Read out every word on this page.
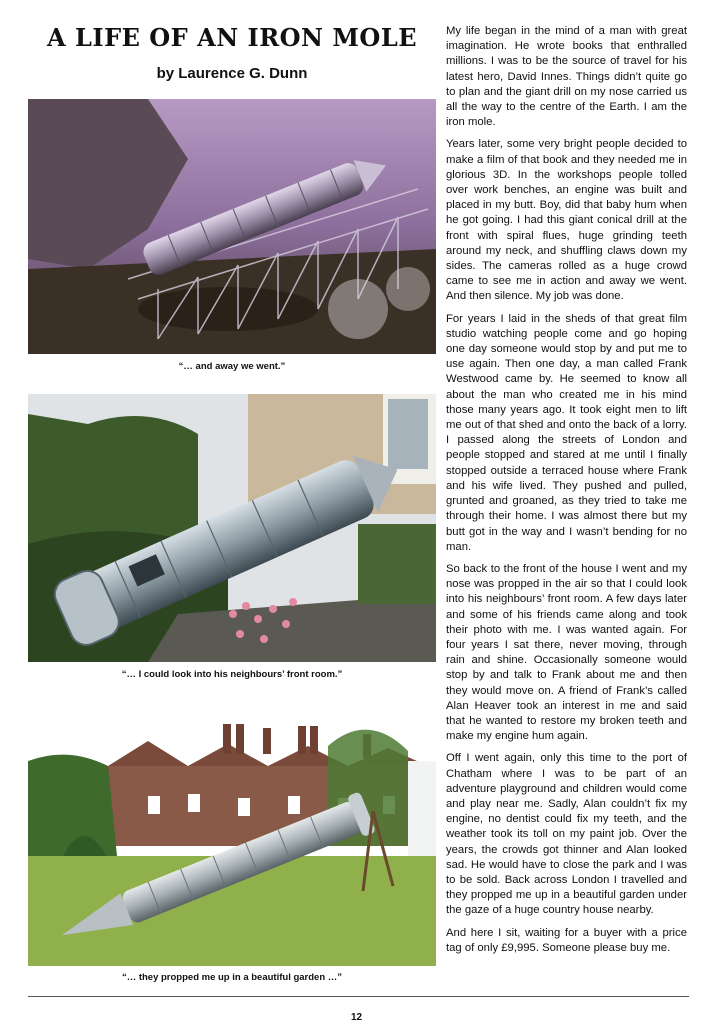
A LIFE OF AN IRON MOLE
by Laurence G. Dunn
“… and away we went.”
“… I could look into his neighbours’ front room.”
“… they propped me up in a beautiful garden …”

My life began in the mind of a man with great imagination. He wrote books that enthralled millions. I was to be the source of travel for his latest hero, David Innes. Things didn’t quite go to plan and the giant drill on my nose carried us all the way to the centre of the Earth. I am the iron mole.

Years later, some very bright people decided to make a film of that book and they needed me in glorious 3D. In the workshops people tolled over work benches, an engine was built and placed in my butt. Boy, did that baby hum when he got going. I had this giant conical drill at the front with spiral flues, huge grinding teeth around my neck, and shuffling claws down my sides. The cameras rolled as a huge crowd came to see me in action and away we went. And then silence. My job was done.

For years I laid in the sheds of that great film studio watching people come and go hoping one day someone would stop by and put me to use again. Then one day, a man called Frank Westwood came by. He seemed to know all about the man who created me in his mind those many years ago. It took eight men to lift me out of that shed and onto the back of a lorry. I passed along the streets of London and people stopped and stared at me until I finally stopped outside a terraced house where Frank and his wife lived. They pushed and pulled, grunted and groaned, as they tried to take me through their home. I was almost there but my butt got in the way and I wasn’t bending for no man.

So back to the front of the house I went and my nose was propped in the air so that I could look into his neighbours’ front room. A few days later and some of his friends came along and took their photo with me. I was wanted again. For four years I sat there, never moving, through rain and shine. Occasionally someone would stop by and talk to Frank about me and then they would move on. A friend of Frank’s called Alan Heaver took an interest in me and said that he wanted to restore my broken teeth and make my engine hum again.

Off I went again, only this time to the port of Chatham where I was to be part of an adventure playground and children would come and play near me. Sadly, Alan couldn’t fix my engine, no dentist could fix my teeth, and the weather took its toll on my paint job. Over the years, the crowds got thinner and Alan looked sad. He would have to close the park and I was to be sold. Back across London I travelled and they propped me up in a beautiful garden under the gaze of a huge country house nearby.

And here I sit, waiting for a buyer with a price tag of only £9,995. Someone please buy me.

12
